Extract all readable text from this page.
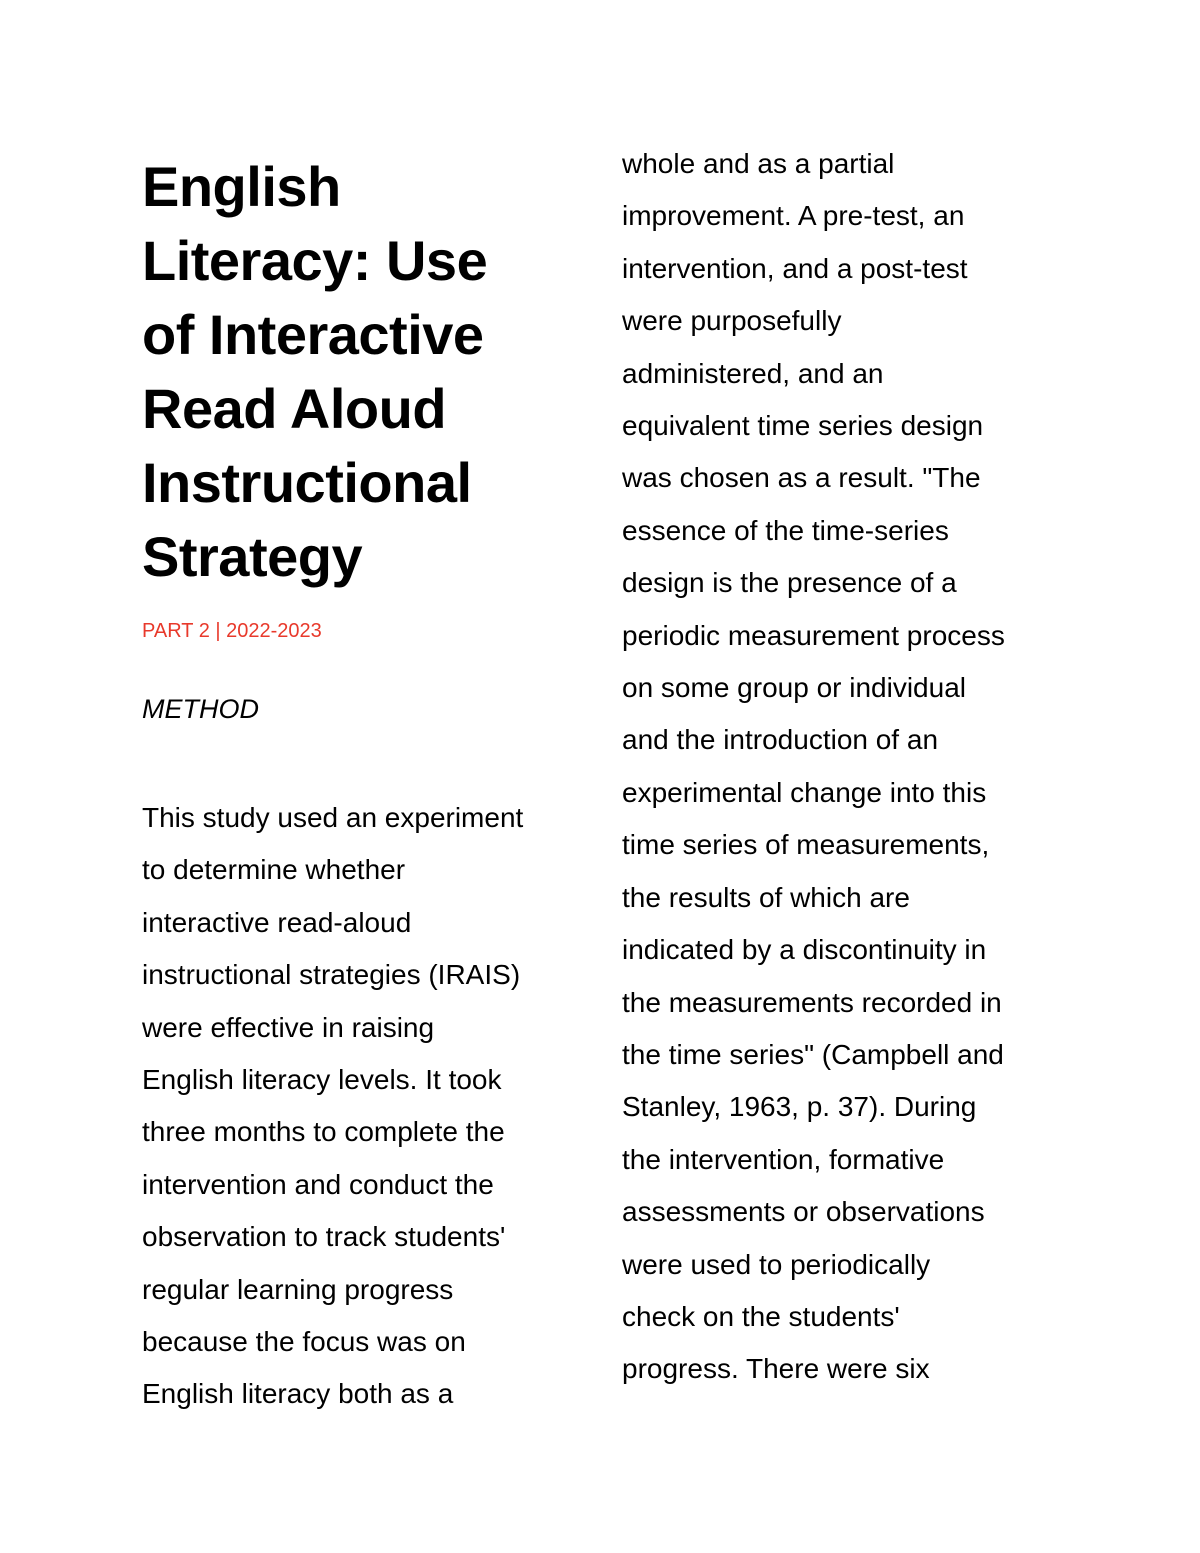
English
Literacy: Use
of Interactive
Read Aloud
Instructional
Strategy
PART 2 | 2022-2023
METHOD
This study used an experiment
to determine whether
interactive read-aloud
instructional strategies (IRAIS)
were effective in raising
English literacy levels. It took
three months to complete the
intervention and conduct the
observation to track students'
regular learning progress
because the focus was on
English literacy both as a
whole and as a partial
improvement. A pre-test, an
intervention, and a post-test
were purposefully
administered, and an
equivalent time series design
was chosen as a result. "The
essence of the time-series
design is the presence of a
periodic measurement process
on some group or individual
and the introduction of an
experimental change into this
time series of measurements,
the results of which are
indicated by a discontinuity in
the measurements recorded in
the time series" (Campbell and
Stanley, 1963, p. 37). During
the intervention, formative
assessments or observations
were used to periodically
check on the students'
progress. There were six
